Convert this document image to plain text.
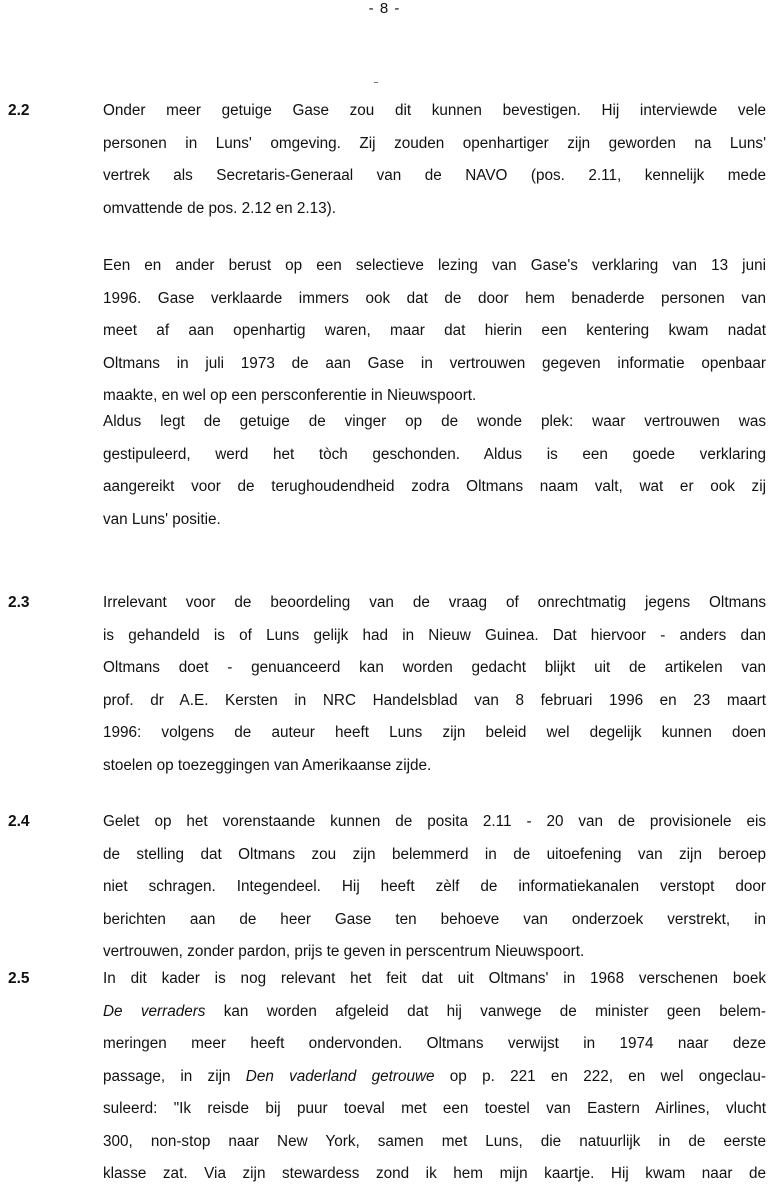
- 8 -
2.2	Onder meer getuige Gase zou dit kunnen bevestigen. Hij interviewde vele
personen in Luns' omgeving. Zij zouden openhartiger zijn geworden na Luns'
vertrek als Secretaris-Generaal van de NAVO (pos. 2.11, kennelijk mede
omvattende de pos. 2.12 en 2.13).

Een en ander berust op een selectieve lezing van Gase's verklaring van 13 juni
1996. Gase verklaarde immers ook dat de door hem benaderde personen van
meet af aan openhartig waren, maar dat hierin een kentering kwam nadat
Oltmans in juli 1973 de aan Gase in vertrouwen gegeven informatie openbaar
maakte, en wel op een persconferentie in Nieuwspoort.

Aldus legt de getuige de vinger op de wonde plek: waar vertrouwen was
gestipuleerd, werd het tòch geschonden. Aldus is een goede verklaring
aangereikt voor de terughoudendheid zodra Oltmans naam valt, wat er ook zij
van Luns' positie.

2.3	Irrelevant voor de beoordeling van de vraag of onrechtmatig jegens Oltmans
is gehandeld is of Luns gelijk had in Nieuw Guinea. Dat hiervoor - anders dan
Oltmans doet - genuanceerd kan worden gedacht blijkt uit de artikelen van
prof. dr A.E. Kersten in NRC Handelsblad van 8 februari 1996 en 23 maart
1996: volgens de auteur heeft Luns zijn beleid wel degelijk kunnen doen
stoelen op toezeggingen van Amerikaanse zijde.

2.4	Gelet op het vorenstaande kunnen de posita 2.11 - 20 van de provisionele eis
de stelling dat Oltmans zou zijn belemmerd in de uitoefening van zijn beroep
niet schragen. Integendeel. Hij heeft zèlf de informatiekanalen verstopt door
berichten aan de heer Gase ten behoeve van onderzoek verstrekt, in
vertrouwen, zonder pardon, prijs te geven in perscentrum Nieuwspoort.

2.5	In dit kader is nog relevant het feit dat uit Oltmans' in 1968 verschenen boek
De verraders kan worden afgeleid dat hij vanwege de minister geen belem-
meringen meer heeft ondervonden. Oltmans verwijst in 1974 naar deze
passage, in zijn Den vaderland getrouwe op p. 221 en 222, en wel ongeclau-
suleerd: "Ik reisde bij puur toeval met een toestel van Eastern Airlines, vlucht
300, non-stop naar New York, samen met Luns, die natuurlijk in de eerste
klasse zat. Via zijn stewardess zond ik hem mijn kaartje. Hij kwam naar de
